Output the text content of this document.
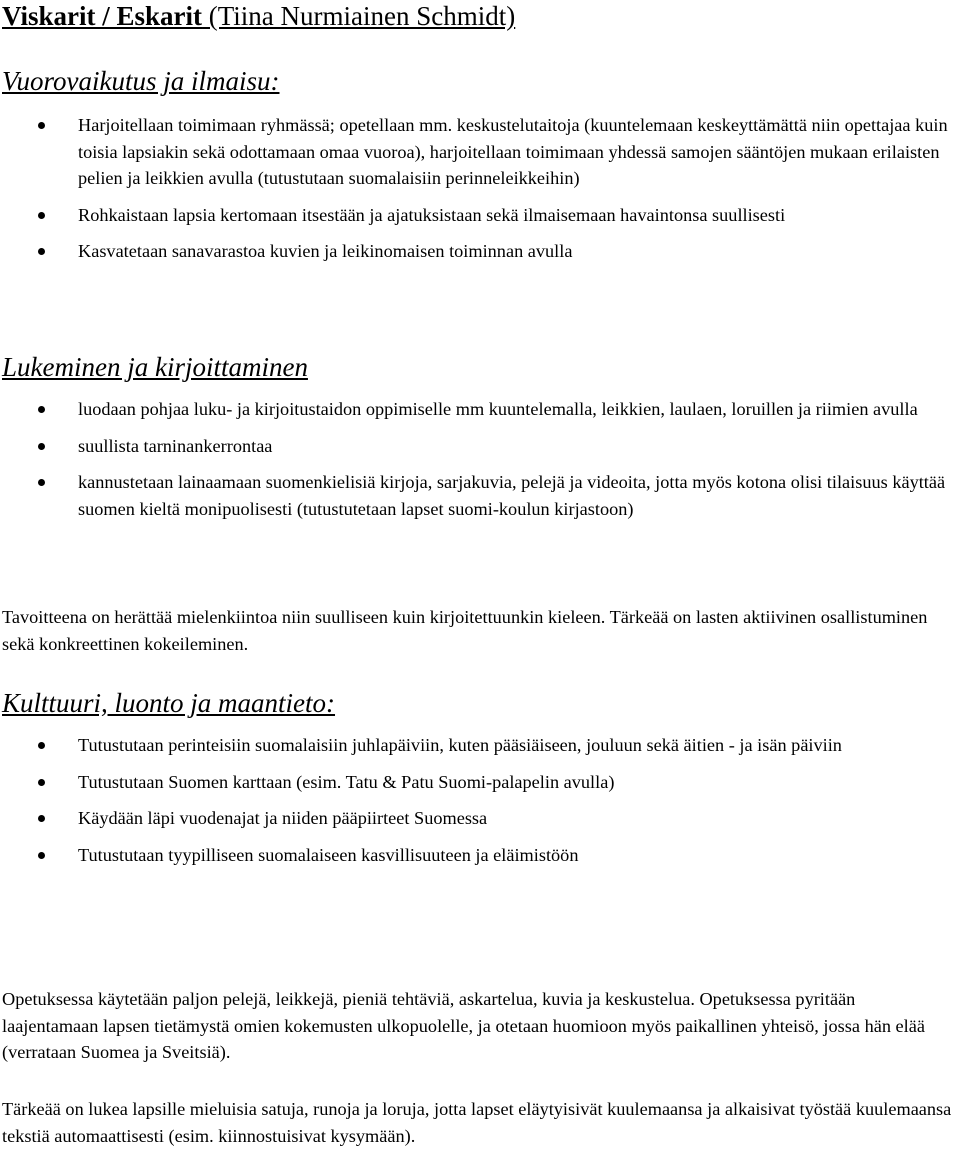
Viskarit / Eskarit (Tiina Nurmiainen Schmidt)
Vuorovaikutus ja ilmaisu:
Harjoitellaan toimimaan ryhmässä; opetellaan mm. keskustelutaitoja (kuuntelemaan keskeyttämättä niin opettajaa kuin toisia lapsiakin sekä odottamaan omaa vuoroa), harjoitellaan toimimaan yhdessä samojen sääntöjen mukaan erilaisten pelien ja leikkien avulla (tutustutaan suomalaisiin perinneleikkeihin)
Rohkaistaan lapsia kertomaan itsestään ja ajatuksistaan sekä ilmaisemaan havaintonsa suullisesti
Kasvatetaan sanavarastoa kuvien ja leikinomaisen toiminnan avulla
Lukeminen ja kirjoittaminen
luodaan pohjaa luku- ja kirjoitustaidon oppimiselle mm kuuntelemalla, leikkien, laulaen, loruillen ja riimien avulla
suullista tarninankerrontaa
kannustetaan lainaamaan suomenkielisiä kirjoja, sarjakuvia, pelejä ja videoita, jotta myös kotona olisi tilaisuus käyttää suomen kieltä monipuolisesti (tutustutetaan lapset suomi-koulun kirjastoon)

Tavoitteena on herättää mielenkiintoa niin suulliseen kuin kirjoitettuunkin kieleen. Tärkeää on lasten aktiivinen osallistuminen sekä konkreettinen kokeileminen.

Kulttuuri, luonto ja maantieto:
Tutustutaan perinteisiin suomalaisiin juhlapäiviin, kuten pääsiäiseen, jouluun sekä äitien - ja isän päiviin
Tutustutaan Suomen karttaan (esim. Tatu & Patu Suomi-palapelin avulla)
Käydään läpi vuodenajat ja niiden pääpiirteet Suomessa
Tutustutaan tyypilliseen suomalaiseen kasvillisuuteen ja eläimistöön

Opetuksessa käytetään paljon pelejä, leikkejä, pieniä tehtäviä, askartelua, kuvia ja keskustelua. Opetuksessa pyritään laajentamaan lapsen tietämystä omien kokemusten ulkopuolelle, ja otetaan huomioon myös paikallinen yhteisö, jossa hän elää (verrataan Suomea ja Sveitsiä).

Tärkeää on lukea lapsille mieluisia satuja, runoja ja loruja, jotta lapset eläytyisivät kuulemaansa ja alkaisivat työstää kuulemaansa tekstiä automaattisesti (esim. kiinnostuisivat kysymään).
